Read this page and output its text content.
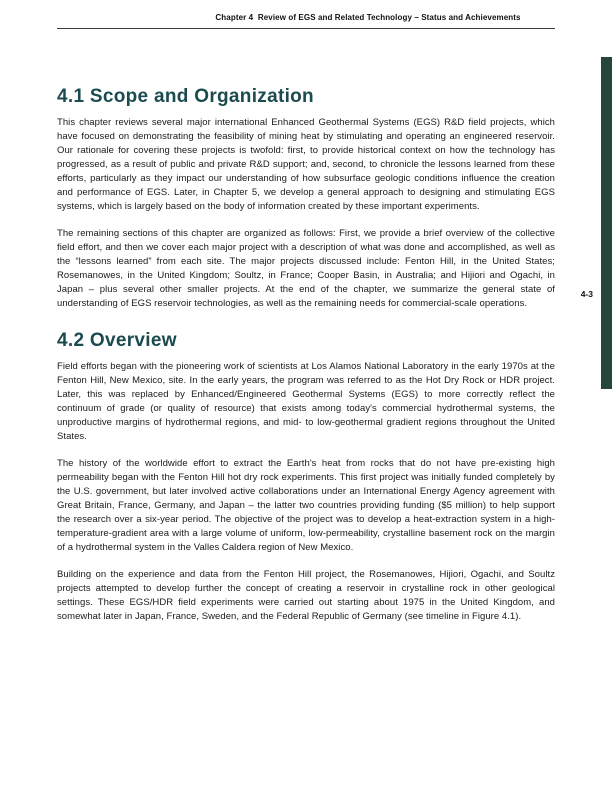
Chapter 4  Review of EGS and Related Technology – Status and Achievements
4-3
4.1 Scope and Organization

This chapter reviews several major international Enhanced Geothermal Systems (EGS) R&D field projects, which have focused on demonstrating the feasibility of mining heat by stimulating and operating an engineered reservoir. Our rationale for covering these projects is twofold: first, to provide historical context on how the technology has progressed, as a result of public and private R&D support; and, second, to chronicle the lessons learned from these efforts, particularly as they impact our understanding of how subsurface geologic conditions influence the creation and performance of EGS. Later, in Chapter 5, we develop a general approach to designing and stimulating EGS systems, which is largely based on the body of information created by these important experiments.

The remaining sections of this chapter are organized as follows: First, we provide a brief overview of the collective field effort, and then we cover each major project with a description of what was done and accomplished, as well as the “lessons learned” from each site. The major projects discussed include: Fenton Hill, in the United States; Rosemanowes, in the United Kingdom; Soultz, in France; Cooper Basin, in Australia; and Hijiori and Ogachi, in Japan – plus several other smaller projects. At the end of the chapter, we summarize the general state of understanding of EGS reservoir technologies, as well as the remaining needs for commercial-scale operations.

4.2 Overview

Field efforts began with the pioneering work of scientists at Los Alamos National Laboratory in the early 1970s at the Fenton Hill, New Mexico, site. In the early years, the program was referred to as the Hot Dry Rock or HDR project. Later, this was replaced by Enhanced/Engineered Geothermal Systems (EGS) to more correctly reflect the continuum of grade (or quality of resource) that exists among today's commercial hydrothermal systems, the unproductive margins of hydrothermal regions, and mid- to low-geothermal gradient regions throughout the United States.

The history of the worldwide effort to extract the Earth's heat from rocks that do not have pre-existing high permeability began with the Fenton Hill hot dry rock experiments. This first project was initially funded completely by the U.S. government, but later involved active collaborations under an International Energy Agency agreement with Great Britain, France, Germany, and Japan – the latter two countries providing funding ($5 million) to help support the research over a six-year period. The objective of the project was to develop a heat-extraction system in a high-temperature-gradient area with a large volume of uniform, low-permeability, crystalline basement rock on the margin of a hydrothermal system in the Valles Caldera region of New Mexico.

Building on the experience and data from the Fenton Hill project, the Rosemanowes, Hijiori, Ogachi, and Soultz projects attempted to develop further the concept of creating a reservoir in crystalline rock in other geological settings. These EGS/HDR field experiments were carried out starting about 1975 in the United Kingdom, and somewhat later in Japan, France, Sweden, and the Federal Republic of Germany (see timeline in Figure 4.1).
